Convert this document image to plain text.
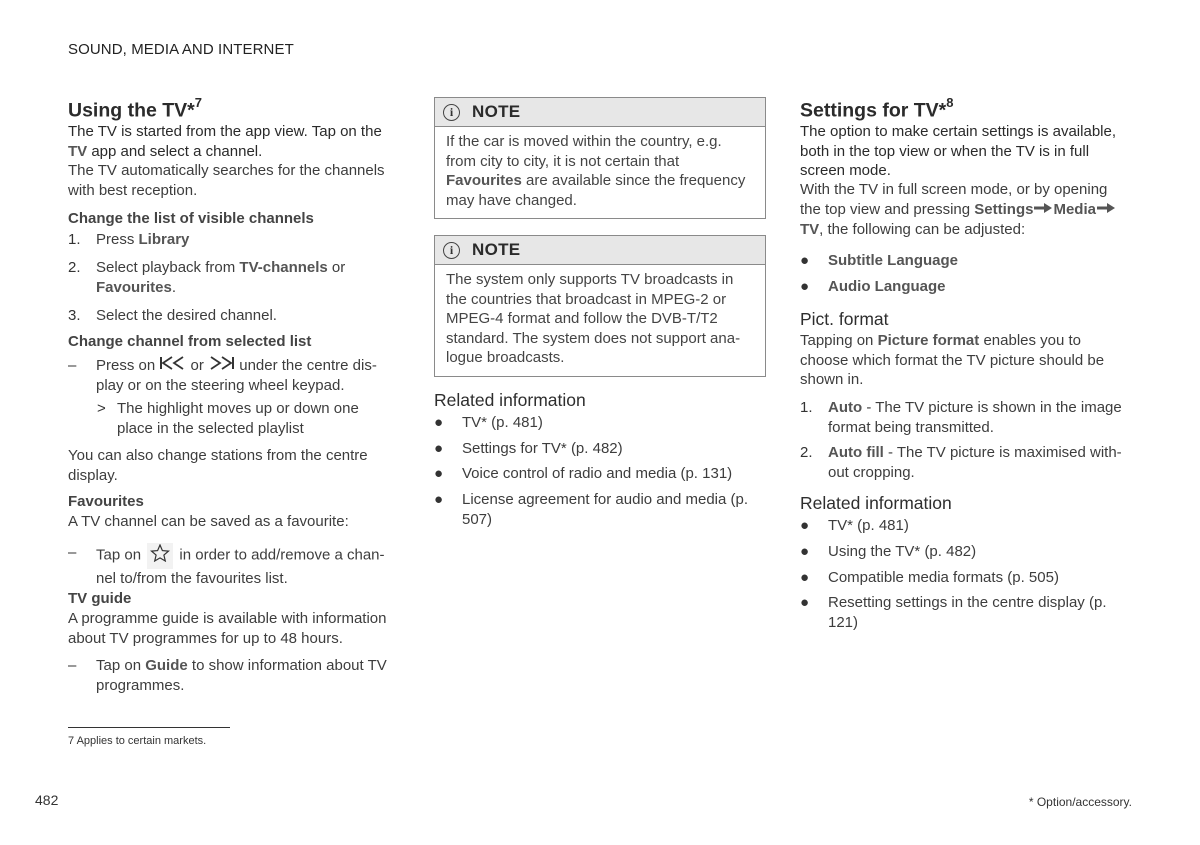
SOUND, MEDIA AND INTERNET
Using the TV*$^7$

The TV is started from the app view. Tap on the
TV app and select a channel.

The TV automatically searches for the channels with best reception.

Change the list of visible channels
1. Press Library
2. Select playback from TV-channels or
Favourites.
3. Select the desired channel.
Change channel from selected list
– Press on  or  under the centre dis-
play or on the steering wheel keypad.
> The highlight moves up or down one place in the selected playlist

You can also change stations from the centre display.

Favourites

A TV channel can be saved as a favourite:

– Tap on  in order to add/remove a chan-
nel to/from the favourites list.
TV guide

A programme guide is available with information about TV programmes for up to 48 hours.

– Tap on Guide to show information about TV programmes.
i	NOTE
If the car is moved within the country, e.g. from city to city, it is not certain that Favourites are available since the frequency may have changed.
i	NOTE
The system only supports TV broadcasts in the countries that broadcast in MPEG-2 or MPEG-4 format and follow the DVB-T/T2 standard. The system does not support ana-logue broadcasts.
Related information
● TV* (p. 481)
● Settings for TV* (p. 482)
● Voice control of radio and media (p. 131)
● License agreement for audio and media (p. 507)
Settings for TV*$^8$

The option to make certain settings is available, both in the top view or when the TV is in full screen mode.

With the TV in full screen mode, or by opening the top view and pressing Settings MediaTV, the following can be adjusted:

● Subtitle Language
● Audio Language
Pict. format

Tapping on Picture format enables you to choose which format the TV picture should be shown in.

1. Auto - The TV picture is shown in the image format being transmitted.
2. Auto fill - The TV picture is maximised with-out cropping.
Related information
● TV* (p. 481)
● Using the TV* (p. 482)
● Compatible media formats (p. 505)
● Resetting settings in the centre display (p. 121)
7 Applies to certain markets.
482	* Option/accessory.
